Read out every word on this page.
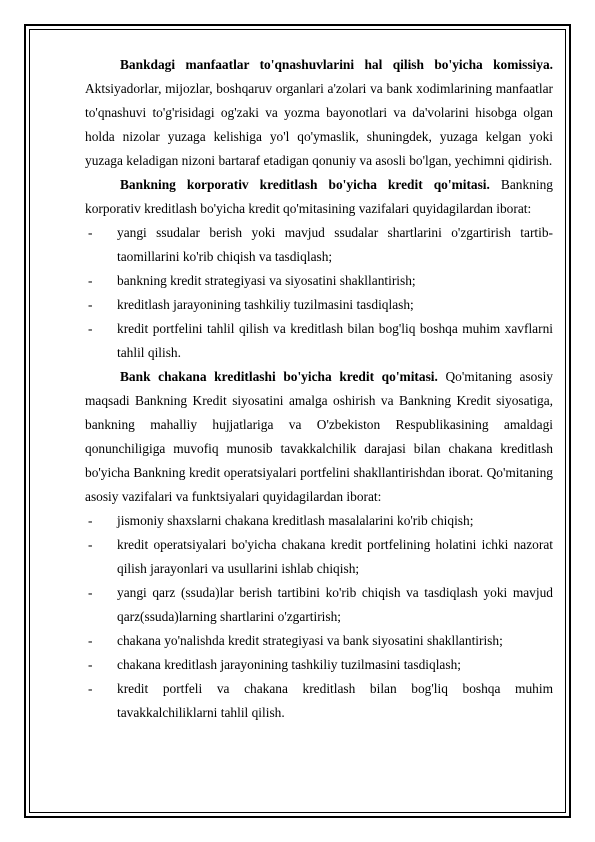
Bankdagi manfaatlar to'qnashuvlarini hal qilish bo'yicha komissiya. Aktsiyadorlar, mijozlar, boshqaruv organlari a'zolari va bank xodimlarining manfaatlar to'qnashuvi to'g'risidagi og'zaki va yozma bayonotlari va da'volarini hisobga olgan holda nizolar yuzaga kelishiga yo'l qo'ymaslik, shuningdek, yuzaga kelgan yoki yuzaga keladigan nizoni bartaraf etadigan qonuniy va asosli bo'lgan, yechimni qidirish.

Bankning korporativ kreditlash bo'yicha kredit qo'mitasi. Bankning korporativ kreditlash bo'yicha kredit qo'mitasining vazifalari quyidagilardan iborat:

- yangi ssudalar berish yoki mavjud ssudalar shartlarini o'zgartirish tartib-taomillarini ko'rib chiqish va tasdiqlash;
- bankning kredit strategiyasi va siyosatini shakllantirish;
- kreditlash jarayonining tashkiliy tuzilmasini tasdiqlash;
- kredit portfelini tahlil qilish va kreditlash bilan bog'liq boshqa muhim xavflarni tahlil qilish.

Bank chakana kreditlashi bo'yicha kredit qo'mitasi. Qo'mitaning asosiy maqsadi Bankning Kredit siyosatini amalga oshirish va Bankning Kredit siyosatiga, bankning mahalliy hujjatlariga va O'zbekiston Respublikasining amaldagi qonunchiligiga muvofiq munosib tavakkalchilik darajasi bilan chakana kreditlash bo'yicha Bankning kredit operatsiyalari portfelini shakllantirishdan iborat. Qo'mitaning asosiy vazifalari va funktsiyalari quyidagilardan iborat:

- jismoniy shaxslarni chakana kreditlash masalalarini ko'rib chiqish;
- kredit operatsiyalari bo'yicha chakana kredit portfelining holatini ichki nazorat qilish jarayonlari va usullarini ishlab chiqish;
- yangi qarz (ssuda)lar berish tartibini ko'rib chiqish va tasdiqlash yoki mavjud qarz(ssuda)larning shartlarini o'zgartirish;
- chakana yo'nalishda kredit strategiyasi va bank siyosatini shakllantirish;
- chakana kreditlash jarayonining tashkiliy tuzilmasini tasdiqlash;
- kredit portfeli va chakana kreditlash bilan bog'liq boshqa muhim tavakkalchiliklarni tahlil qilish.
